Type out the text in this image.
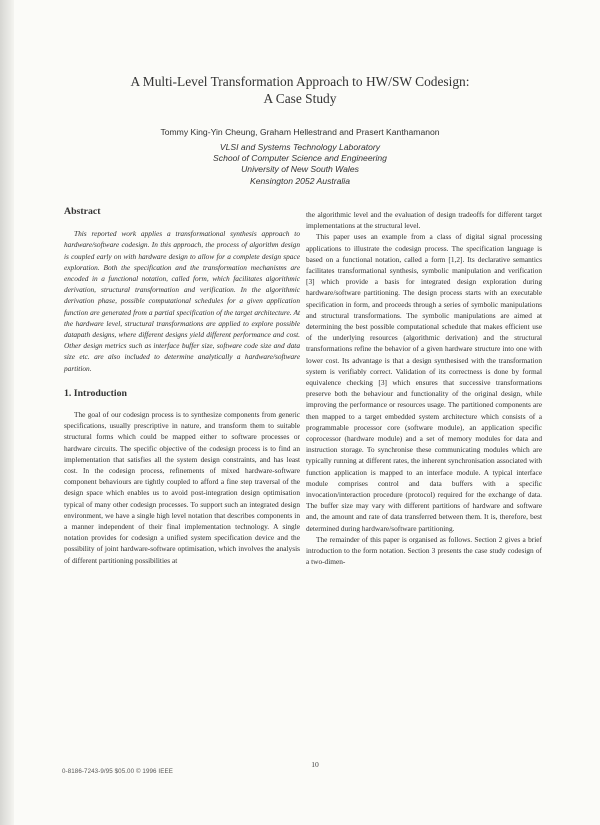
A Multi-Level Transformation Approach to HW/SW Codesign:
A Case Study
Tommy King-Yin Cheung, Graham Hellestrand and Prasert Kanthamanon
VLSI and Systems Technology Laboratory
School of Computer Science and Engineering
University of New South Wales
Kensington 2052 Australia
Abstract

This reported work applies a transformational synthesis approach to hardware/software codesign. In this approach, the process of algorithm design is coupled early on with hardware design to allow for a complete design space exploration. Both the specification and the transformation mechanisms are encoded in a functional notation, called form, which facilitates algorithmic derivation, structural transformation and verification. In the algorithmic derivation phase, possible computational schedules for a given application function are generated from a partial specification of the target architecture. At the hardware level, structural transformations are applied to explore possible datapath designs, where different designs yield different performance and cost. Other design metrics such as interface buffer size, software code size and data size etc. are also included to determine analytically a hardware/software partition.

1. Introduction

The goal of our codesign process is to synthesize components from generic specifications, usually prescriptive in nature, and transform them to suitable structural forms which could be mapped either to software processes or hardware circuits. The specific objective of the codesign process is to find an implementation that satisfies all the system design constraints, and has least cost. In the codesign process, refinements of mixed hardware-software component behaviours are tightly coupled to afford a fine step traversal of the design space which enables us to avoid post-integration design optimisation typical of many other codesign processes. To support such an integrated design environment, we have a single high level notation that describes components in a manner independent of their final implementation technology. A single notation provides for codesign a unified system specification device and the possibility of joint hardware-software optimisation, which involves the analysis of different partitioning possibilities at

the algorithmic level and the evaluation of design tradeoffs for different target implementations at the structural level.

This paper uses an example from a class of digital signal processing applications to illustrate the codesign process. The specification language is based on a functional notation, called a form [1,2]. Its declarative semantics facilitates transformational synthesis, symbolic manipulation and verification [3] which provide a basis for integrated design exploration during hardware/software partitioning. The design process starts with an executable specification in form, and proceeds through a series of symbolic manipulations and structural transformations. The symbolic manipulations are aimed at determining the best possible computational schedule that makes efficient use of the underlying resources (algorithmic derivation) and the structural transformations refine the behavior of a given hardware structure into one with lower cost. Its advantage is that a design synthesised with the transformation system is verifiably correct. Validation of its correctness is done by formal equivalence checking [3] which ensures that successive transformations preserve both the behaviour and functionality of the original design, while improving the performance or resources usage. The partitioned components are then mapped to a target embedded system architecture which consists of a programmable processor core (software module), an application specific coprocessor (hardware module) and a set of memory modules for data and instruction storage. To synchronise these communicating modules which are typically running at different rates, the inherent synchronisation associated with function application is mapped to an interface module. A typical interface module comprises control and data buffers with a specific invocation/interaction procedure (protocol) required for the exchange of data. The buffer size may vary with different partitions of hardware and software and, the amount and rate of data transferred between them. It is, therefore, best determined during hardware/software partitioning.

The remainder of this paper is organised as follows. Section 2 gives a brief introduction to the form notation. Section 3 presents the case study codesign of a two-dimen-

10
0-8186-7243-9/95 $05.00 © 1996 IEEE
